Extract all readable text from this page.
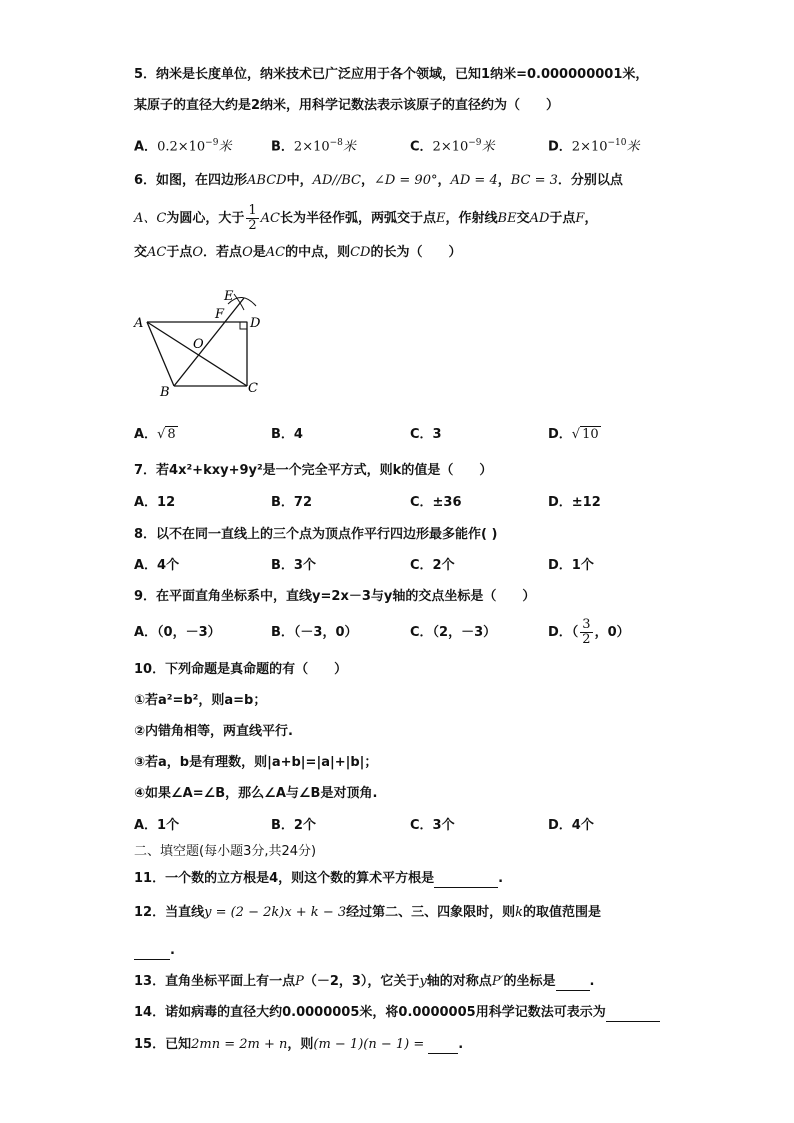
5．纳米是长度单位，纳米技术已广泛应用于各个领域，已知1纳米=0.000000001米，
某原子的直径大约是2纳米，用科学记数法表示该原子的直径约为（　　）
A．$0.2\times 10^{-9}$米	B．$2\times 10^{-8}$米	C．$2\times 10^{-9}$米	D．$2\times 10^{-10}$米
6．如图，在四边形ABCD中，AD//BC，∠D = 90°，AD = 4，BC = 3．分别以点
A、C为圆心，大于 $\frac{1}{2}$ AC长为半径作弧，两弧交于点E，作射线BE交AD于点F，
交AC于点O．若点O是AC的中点，则CD的长为（　　）
A
B	C
D
E
F
O
A．√ 8	B．4	C．3	D．√ 10
7．若4x²+kxy+9y²是一个完全平方式，则k的值是（　　）
A．12	B．72	C．±36	D．±12
8．以不在同一直线上的三个点为顶点作平行四边形最多能作( )
A．4个	B．3个	C．2个	D．1个
9．在平面直角坐标系中，直线y=2x－3与y轴的交点坐标是（　　）
A．（0，－3）	B．（－3，0）	C．（2，－3）	D．（ $\frac{3}{2}$ ，0）
10．下列命题是真命题的有（　　）
①若a²=b²，则a=b；
②内错角相等，两直线平行.
③若a，b是有理数，则|a+b|=|a|+|b|；
④如果∠A=∠B，那么∠A与∠B是对顶角.
A．1个	B．2个	C．3个	D．4个
二、填空题(每小题3分,共24分)
11．一个数的立方根是4，则这个数的算术平方根是	.
12．当直线y = (2 − 2k)x + k − 3经过第二、三、四象限时，则k的取值范围是
.
13．直角坐标平面上有一点P（－2，3），它关于y轴的对称点P′的坐标是	.
14．诺如病毒的直径大约0.0000005米，将0.0000005用科学记数法可表示为
15．已知2mn = 2m + n，则(m − 1)(n − 1) =	.
